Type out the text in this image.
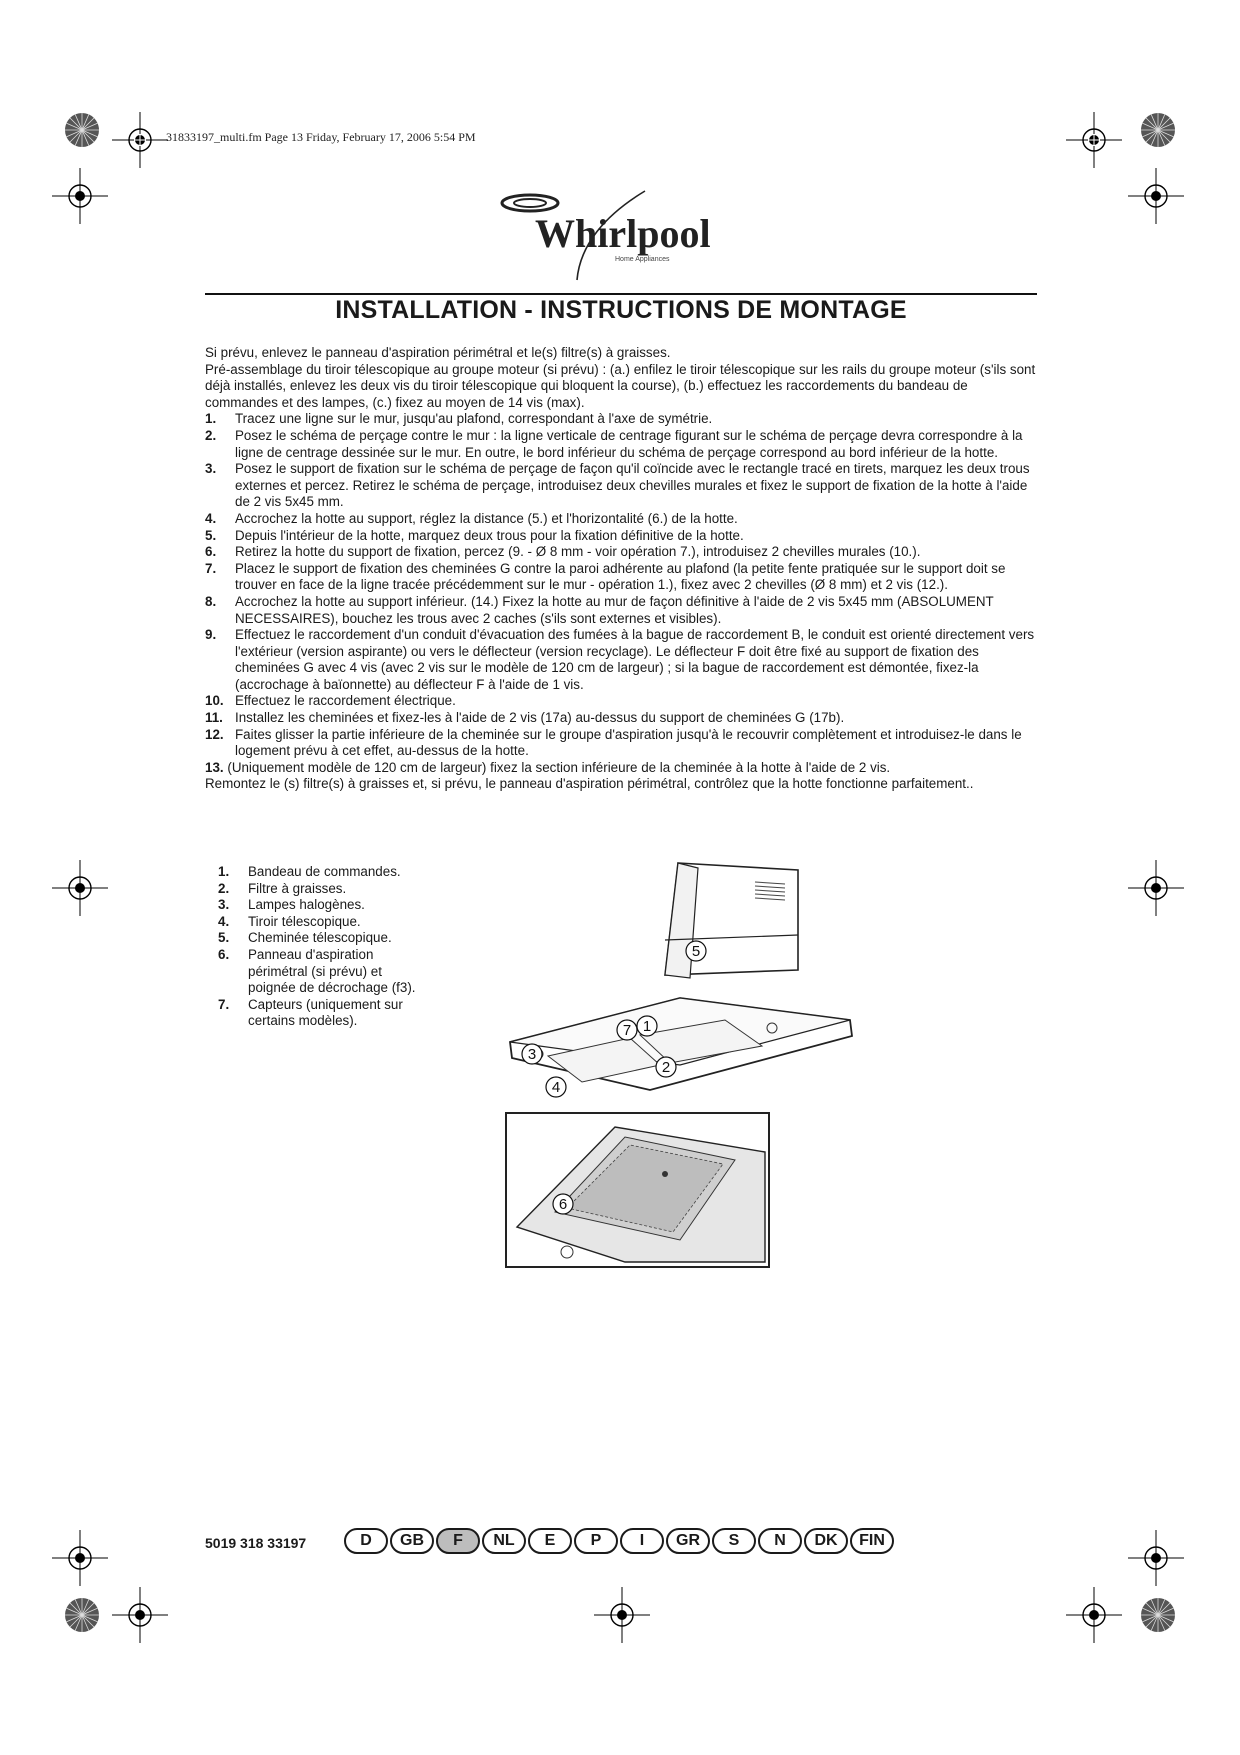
31833197_multi.fm Page 13 Friday, February 17, 2006 5:54 PM
Whirlpool
Home Appliances
INSTALLATION - INSTRUCTIONS DE MONTAGE

Si prévu, enlevez le panneau d'aspiration périmétral et le(s) filtre(s) à graisses.

Pré-assemblage du tiroir télescopique au groupe moteur (si prévu) : (a.) enfilez le tiroir télescopique sur les rails du groupe moteur (s'ils sont déjà installés, enlevez les deux vis du tiroir télescopique qui bloquent la course), (b.) effectuez les raccordements du bandeau de commandes et des lampes, (c.) fixez au moyen de 14 vis (max).

1. Tracez une ligne sur le mur, jusqu'au plafond, correspondant à l'axe de symétrie.
2. Posez le schéma de perçage contre le mur : la ligne verticale de centrage figurant sur le schéma de perçage devra correspondre à la ligne de centrage dessinée sur le mur. En outre, le bord inférieur du schéma de perçage correspond au bord inférieur de la hotte.
3. Posez le support de fixation sur le schéma de perçage de façon qu'il coïncide avec le rectangle tracé en tirets, marquez les deux trous externes et percez. Retirez le schéma de perçage, introduisez deux chevilles murales et fixez le support de fixation de la hotte à l'aide de 2 vis 5x45 mm.
4. Accrochez la hotte au support, réglez la distance (5.) et l'horizontalité (6.) de la hotte.
5. Depuis l'intérieur de la hotte, marquez deux trous pour la fixation définitive de la hotte.
6. Retirez la hotte du support de fixation, percez (9. - Ø 8 mm - voir opération 7.), introduisez 2 chevilles murales (10.).
7. Placez le support de fixation des cheminées G contre la paroi adhérente au plafond (la petite fente pratiquée sur le support doit se trouver en face de la ligne tracée précédemment sur le mur - opération 1.), fixez avec 2 chevilles (Ø 8 mm) et 2 vis (12.).
8. Accrochez la hotte au support inférieur. (14.) Fixez la hotte au mur de façon définitive à l'aide de 2 vis 5x45 mm (ABSOLUMENT NECESSAIRES), bouchez les trous avec 2 caches (s'ils sont externes et visibles).
9. Effectuez le raccordement d'un conduit d'évacuation des fumées à la bague de raccordement B, le conduit est orienté directement vers l'extérieur (version aspirante) ou vers le déflecteur (version recyclage). Le déflecteur F doit être fixé au support de fixation des cheminées G avec 4 vis (avec 2 vis sur le modèle de 120 cm de largeur) ; si la bague de raccordement est démontée, fixez-la (accrochage à baïonnette) au déflecteur F à l'aide de 1 vis.
10. Effectuez le raccordement électrique.
11. Installez les cheminées et fixez-les à l'aide de 2 vis (17a) au-dessus du support de cheminées G (17b).
12. Faites glisser la partie inférieure de la cheminée sur le groupe d'aspiration jusqu'à le recouvrir complètement et introduisez-le dans le logement prévu à cet effet, au-dessus de la hotte.

13. (Uniquement modèle de 120 cm de largeur) fixez la section inférieure de la cheminée à la hotte à l'aide de 2 vis.

Remontez le (s) filtre(s) à graisses et, si prévu, le panneau d'aspiration périmétral, contrôlez que la hotte fonctionne parfaitement..

1. Bandeau de commandes.
2. Filtre à graisses.
3. Lampes halogènes.
4. Tiroir télescopique.
5. Cheminée télescopique.
6. Panneau d'aspiration périmétral (si prévu) et poignée de décrochage (f3).
7. Capteurs (uniquement sur certains modèles).
5
7 1
3
2
4
6
5019 318 33197	D	GB	F	NL	E	P	I	GR	S	N	DK	FIN
